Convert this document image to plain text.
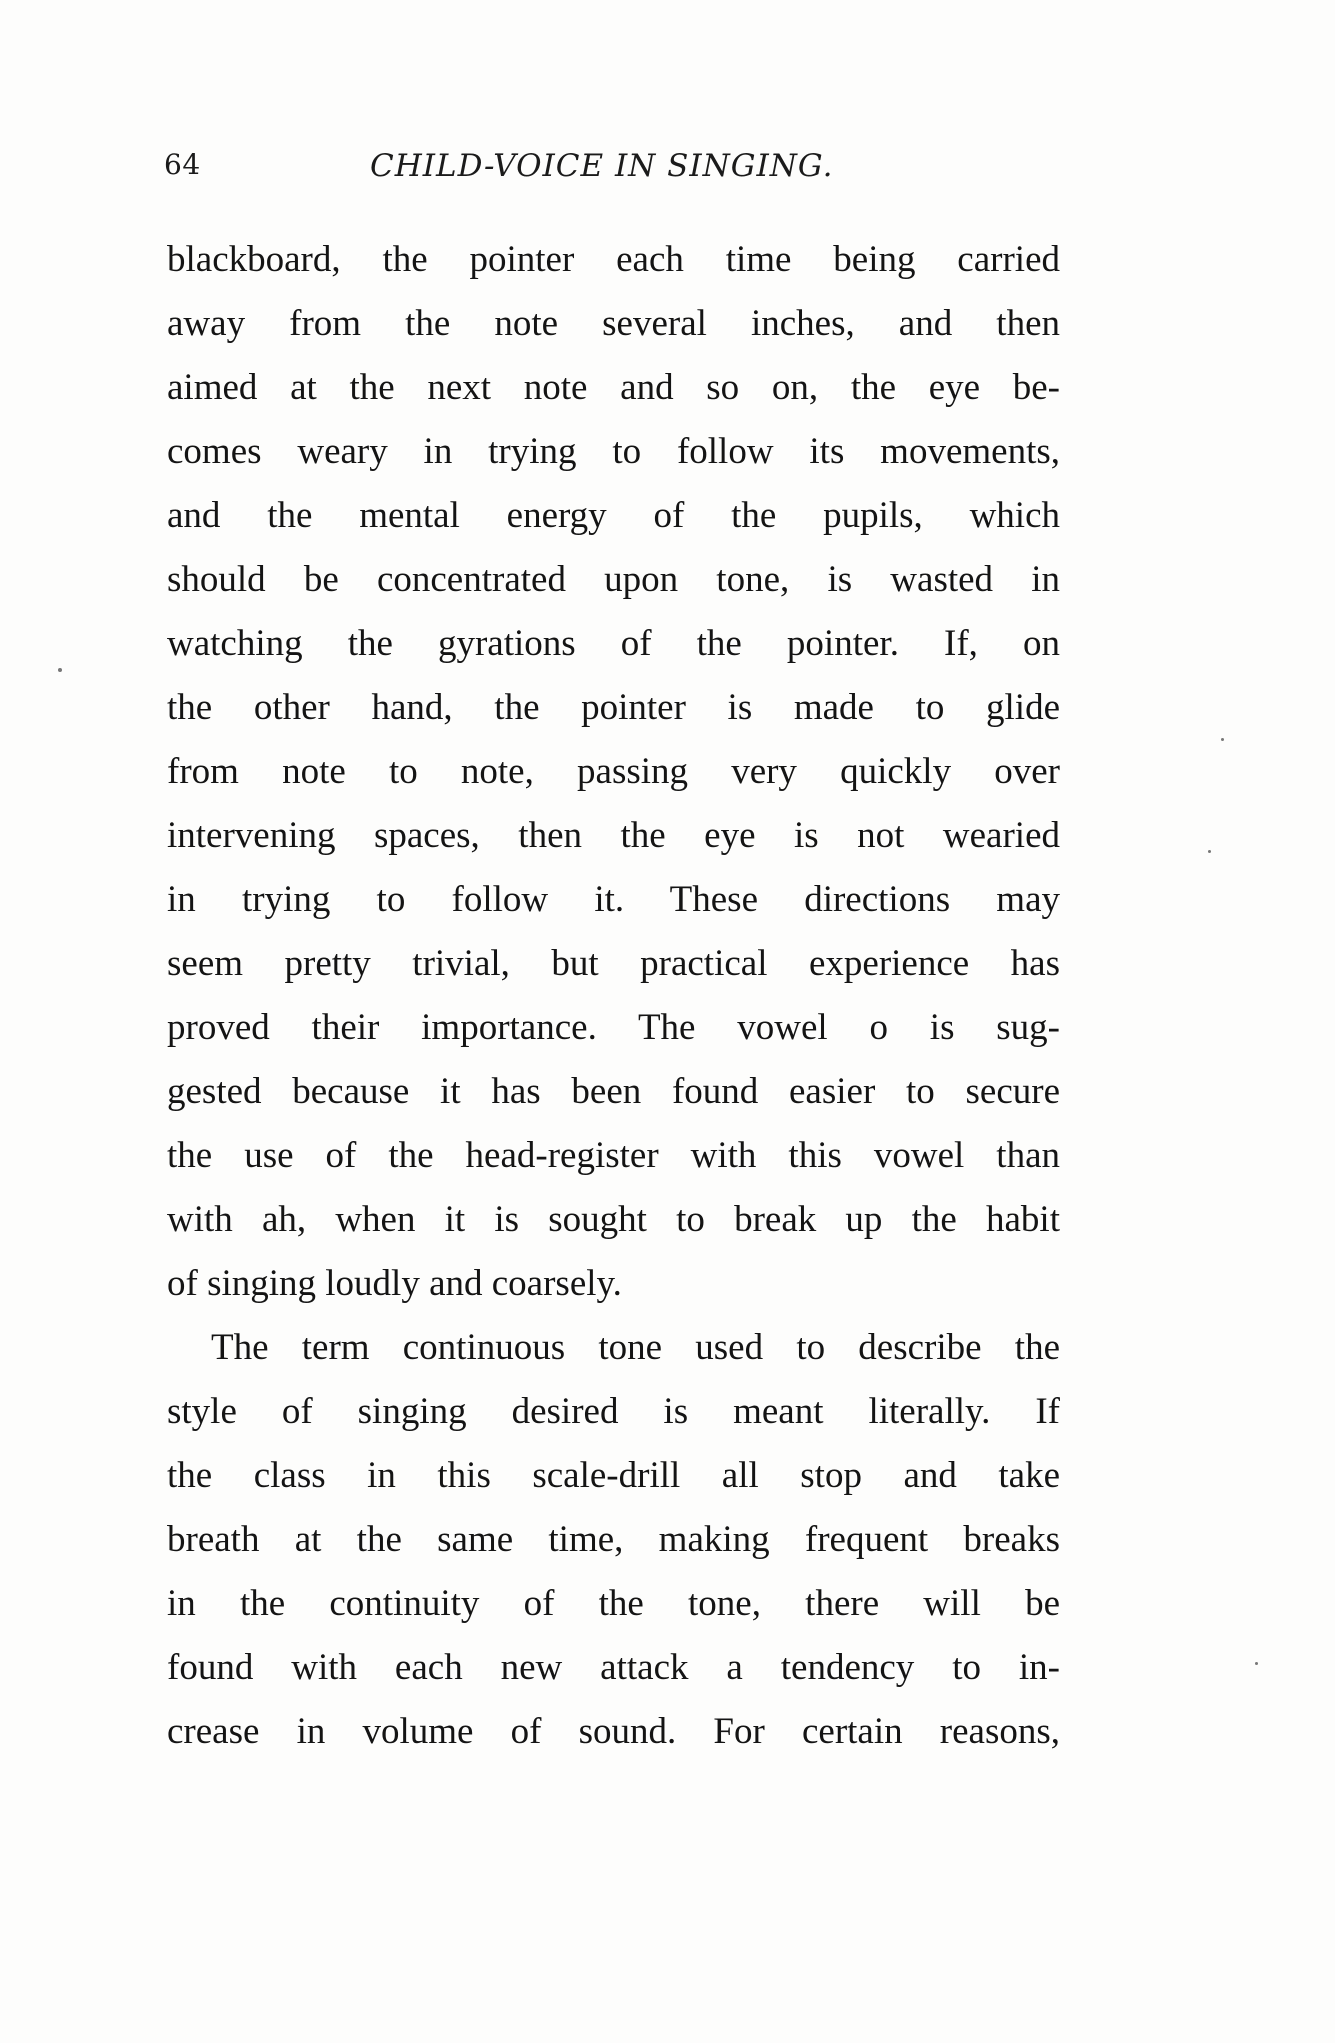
64	CHILD-VOICE IN SINGING.
blackboard, the pointer each time being carried
away from the note several inches, and then
aimed at the next note and so on, the eye be-
comes weary in trying to follow its movements,
and the mental energy of the pupils, which
should be concentrated upon tone, is wasted in
watching the gyrations of the pointer. If, on
the other hand, the pointer is made to glide
from note to note, passing very quickly over
intervening spaces, then the eye is not wearied
in trying to follow it. These directions may
seem pretty trivial, but practical experience has
proved their importance. The vowel o is sug-
gested because it has been found easier to secure
the use of the head-register with this vowel than
with ah, when it is sought to break up the habit
of singing loudly and coarsely.
The term continuous tone used to describe the
style of singing desired is meant literally. If
the class in this scale-drill all stop and take
breath at the same time, making frequent breaks
in the continuity of the tone, there will be
found with each new attack a tendency to in-
crease in volume of sound. For certain reasons,
